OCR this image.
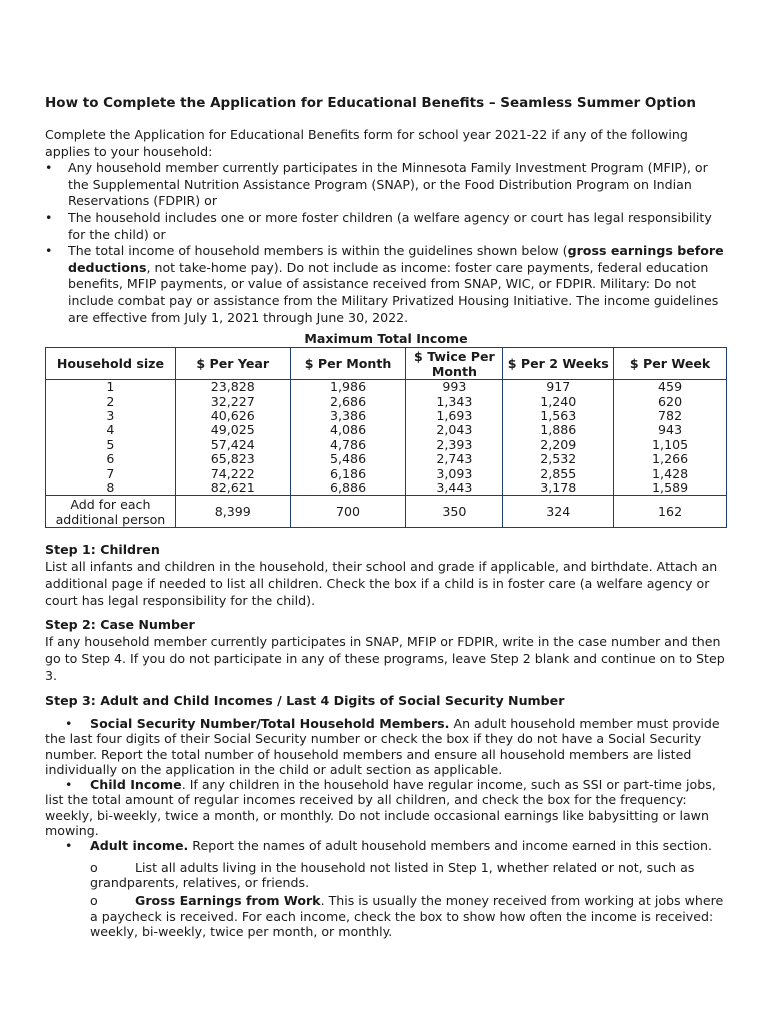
How to Complete the Application for Educational Benefits – Seamless Summer Option

Complete the Application for Educational Benefits form for school year 2021-22 if any of the following applies to your household:

• Any household member currently participates in the Minnesota Family Investment Program (MFIP), or the Supplemental Nutrition Assistance Program (SNAP), or the Food Distribution Program on Indian Reservations (FDPIR) or

• The household includes one or more foster children (a welfare agency or court has legal responsibility for the child) or

• The total income of household members is within the guidelines shown below (gross earnings before deductions, not take-home pay). Do not include as income: foster care payments, federal education benefits, MFIP payments, or value of assistance received from SNAP, WIC, or FDPIR. Military: Do not include combat pay or assistance from the Military Privatized Housing Initiative. The income guidelines are effective from July 1, 2021 through June 30, 2022.

Maximum Total Income
Household size	$ Per Year	$ Per Month	$ Twice Per Month	$ Per 2 Weeks	$ Per Week
1	23,828	1,986	993	917	459
2	32,227	2,686	1,343	1,240	620
3	40,626	3,386	1,693	1,563	782
4	49,025	4,086	2,043	1,886	943
5	57,424	4,786	2,393	2,209	1,105
6	65,823	5,486	2,743	2,532	1,266
7	74,222	6,186	3,093	2,855	1,428
8	82,621	6,886	3,443	3,178	1,589
Add for each additional person	8,399	700	350	324	162
Step 1: Children

List all infants and children in the household, their school and grade if applicable, and birthdate. Attach an additional page if needed to list all children. Check the box if a child is in foster care (a welfare agency or court has legal responsibility for the child).

Step 2: Case Number

If any household member currently participates in SNAP, MFIP or FDPIR, write in the case number and then go to Step 4. If you do not participate in any of these programs, leave Step 2 blank and continue on to Step 3.

Step 3: Adult and Child Incomes / Last 4 Digits of Social Security Number

• Social Security Number/Total Household Members. An adult household member must provide the last four digits of their Social Security number or check the box if they do not have a Social Security number. Report the total number of household members and ensure all household members are listed individually on the application in the child or adult section as applicable.

• Child Income. If any children in the household have regular income, such as SSI or part-time jobs, list the total amount of regular incomes received by all children, and check the box for the frequency: weekly, bi-weekly, twice a month, or monthly. Do not include occasional earnings like babysitting or lawn mowing.

• Adult income. Report the names of adult household members and income earned in this section.

o	List all adults living in the household not listed in Step 1, whether related or not, such as grandparents, relatives, or friends.

o	Gross Earnings from Work. This is usually the money received from working at jobs where a paycheck is received. For each income, check the box to show how often the income is received: weekly, bi-weekly, twice per month, or monthly.
